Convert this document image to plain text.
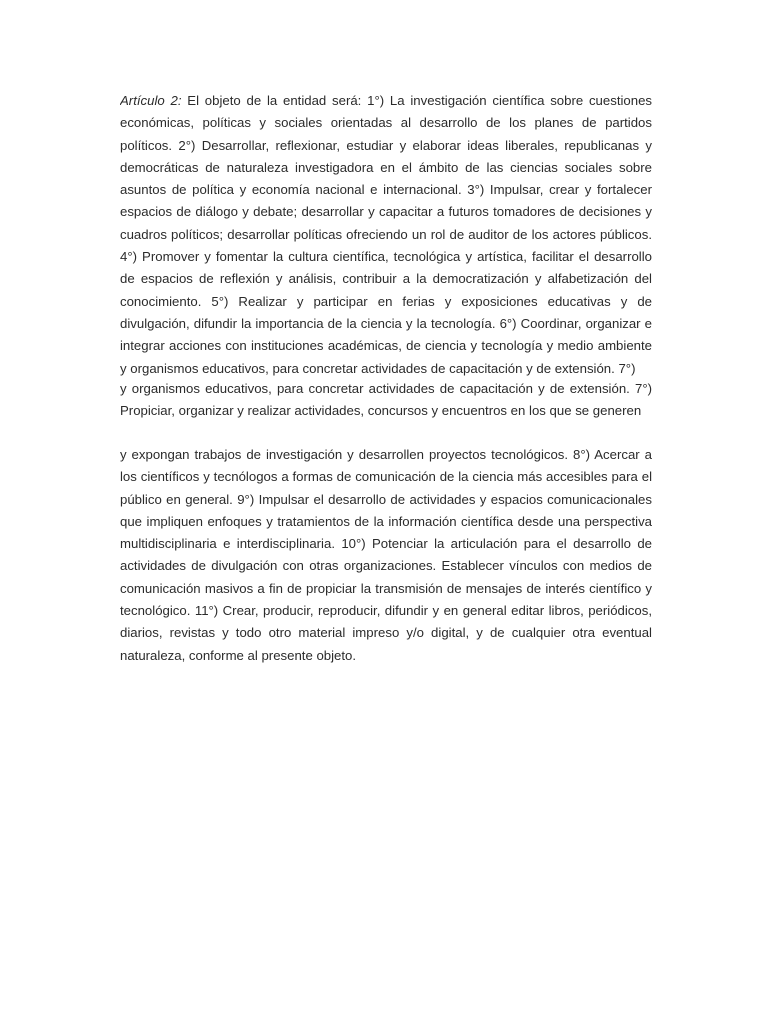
Artículo 2: El objeto de la entidad será: 1°) La investigación científica sobre cuestiones
económicas, políticas y sociales orientadas al desarrollo de los planes de partidos
políticos. 2°) Desarrollar, reflexionar, estudiar y elaborar ideas liberales, republicanas y
democráticas de naturaleza investigadora en el ámbito de las ciencias sociales sobre
asuntos de política y economía nacional e internacional. 3°) Impulsar, crear y fortalecer
espacios de diálogo y debate; desarrollar y capacitar a futuros tomadores de decisiones y
cuadros políticos; desarrollar políticas ofreciendo un rol de auditor de los actores públicos.
4°) Promover y fomentar la cultura científica, tecnológica y artística, facilitar el desarrollo
de espacios de reflexión y análisis, contribuir a la democratización y alfabetización del
conocimiento. 5°) Realizar y participar en ferias y exposiciones educativas y de
divulgación, difundir la importancia de la ciencia y la tecnología. 6°) Coordinar, organizar e
integrar acciones con instituciones académicas, de ciencia y tecnología y medio ambiente
y organismos educativos, para concretar actividades de capacitación y de extensión. 7°)
y organismos educativos, para concretar actividades de capacitación y de extensión. 7°)
Propiciar, organizar y realizar actividades, concursos y encuentros en los que se generen
y expongan trabajos de investigación y desarrollen proyectos tecnológicos. 8°) Acercar a
los científicos y tecnólogos a formas de comunicación de la ciencia más accesibles para el
público en general. 9°) Impulsar el desarrollo de actividades y espacios comunicacionales
que impliquen enfoques y tratamientos de la información científica desde una perspectiva
multidisciplinaria e interdisciplinaria. 10°) Potenciar la articulación para el desarrollo de
actividades de divulgación con otras organizaciones. Establecer vínculos con medios de
comunicación masivos a fin de propiciar la transmisión de mensajes de interés científico y
tecnológico. 11°) Crear, producir, reproducir, difundir y en general editar libros, periódicos,
diarios, revistas y todo otro material impreso y/o digital, y de cualquier otra eventual
naturaleza, conforme al presente objeto.
